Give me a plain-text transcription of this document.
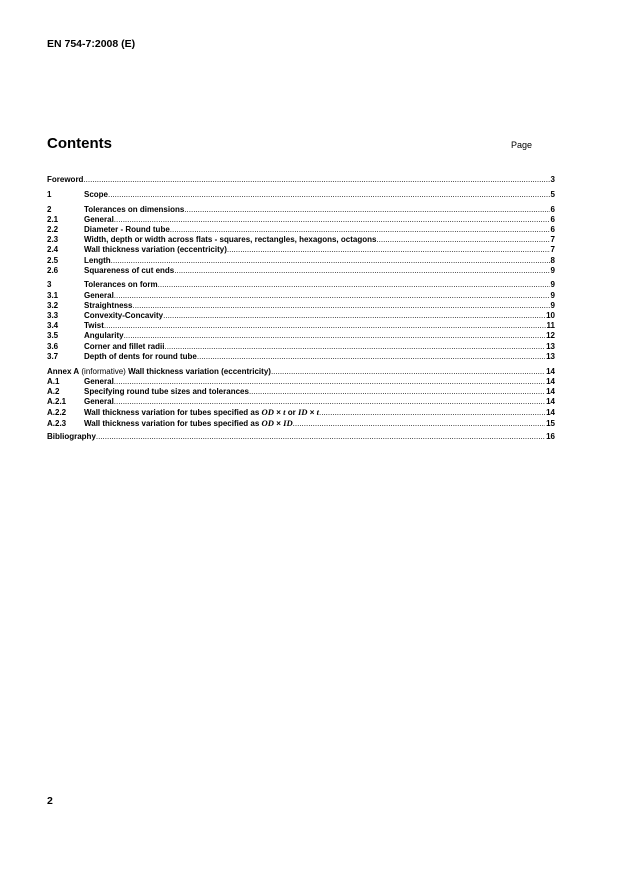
EN 754-7:2008 (E)
Contents	Page
Foreword .....	3
1	Scope .....	5
2	Tolerances on dimensions .....	6
2.1	General .....	6
2.2	Diameter - Round tube .....	6
2.3	Width, depth or width across flats - squares, rectangles, hexagons, octagons .....	7
2.4	Wall thickness variation (eccentricity) .....	7
2.5	Length .....	8
2.6	Squareness of cut ends .....	9
3	Tolerances on form .....	9
3.1	General .....	9
3.2	Straightness .....	9
3.3	Convexity-Concavity .....	10
3.4	Twist .....	11
3.5	Angularity .....	12
3.6	Corner and fillet radii .....	13
3.7	Depth of dents for round tube .....	13
Annex A (informative) Wall thickness variation (eccentricity) .....	14
A.1	General .....	14
A.2	Specifying round tube sizes and tolerances .....	14
A.2.1	General .....	14
A.2.2	Wall thickness variation for tubes specified as OD × t or ID × t .....	14
A.2.3	Wall thickness variation for tubes specified as OD × ID .....	15
Bibliography .....	16
2
